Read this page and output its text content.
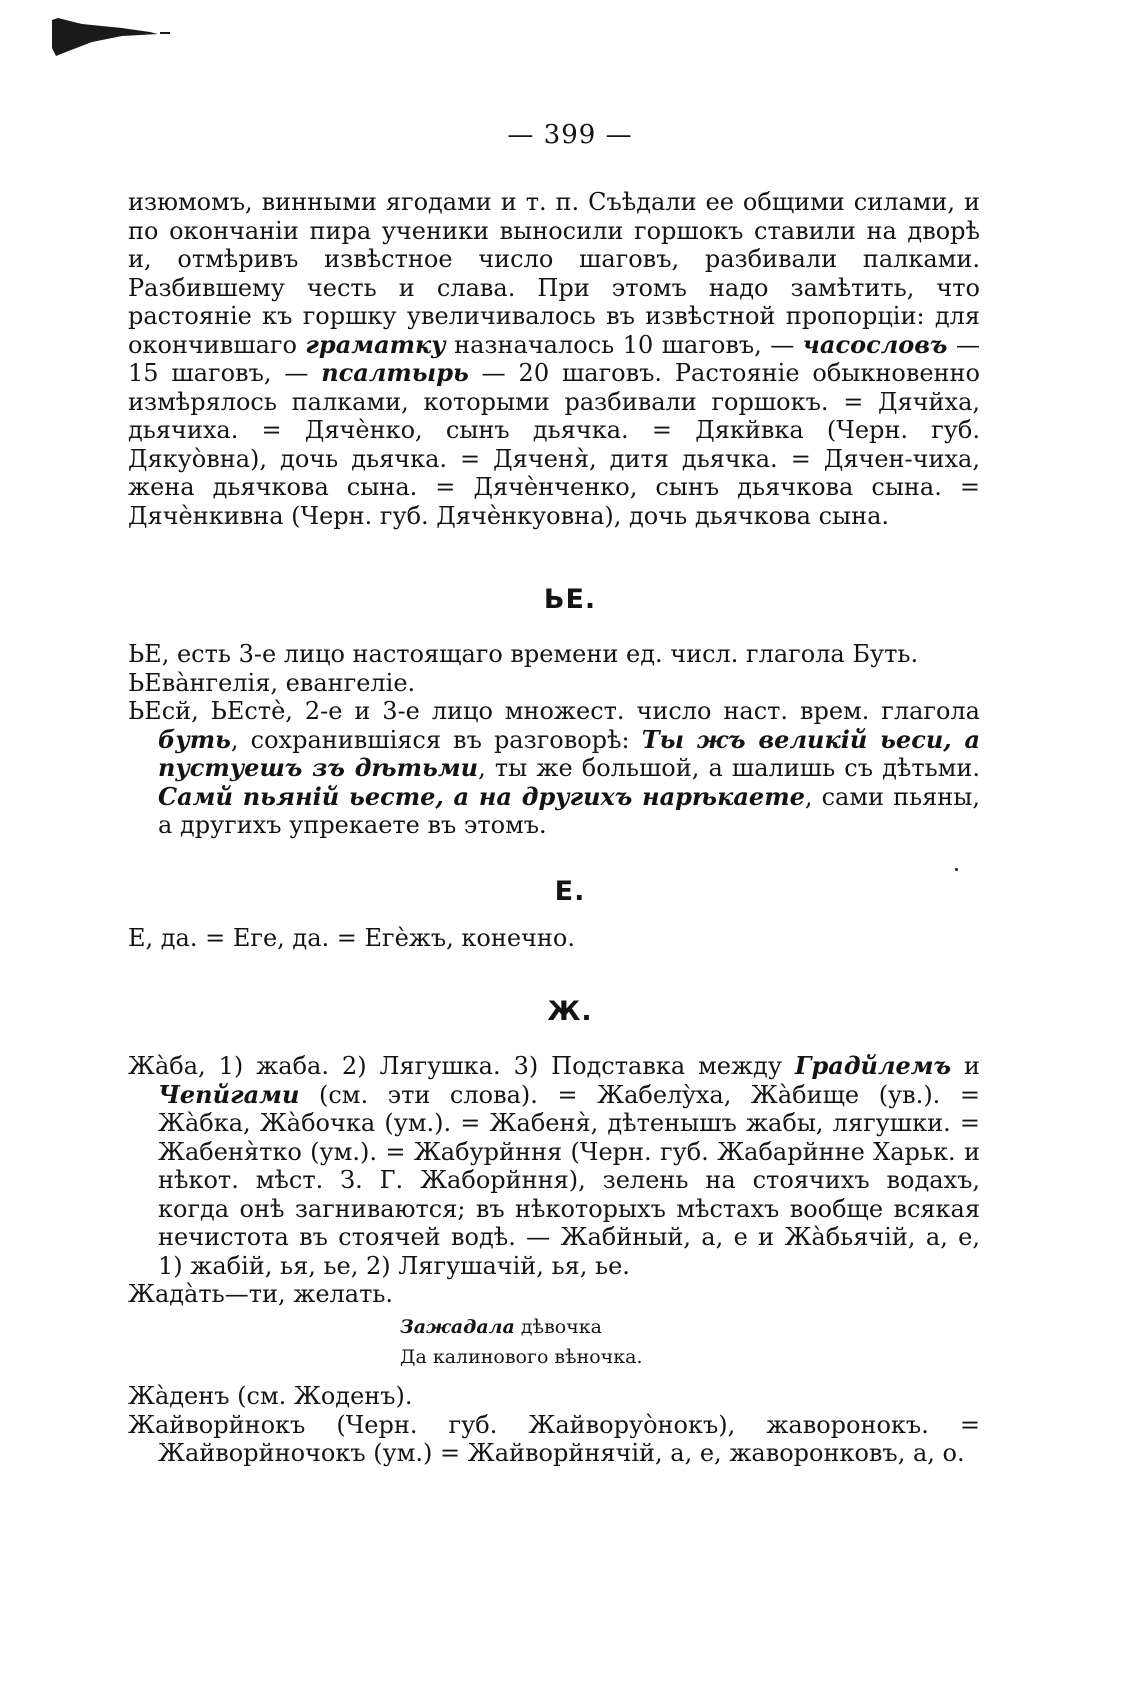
— 399 —

изюмомъ, винными ягодами и т. п. Съѣдали ее общими силами, и по окончаніи пира ученики выносили горшокъ ставили на дворѣ и, отмѣривъ извѣстное число шаговъ, разбивали палками. Разбившему честь и слава. При этомъ надо замѣтить, что растояніе къ горшку увеличивалось въ извѣстной пропорціи: для окончившаго граматку назначалось 10 шаговъ, — часословъ — 15 шаговъ, — псалтырь — 20 шаговъ. Растояніе обыкновенно измѣрялось палками, которыми разбивали горшокъ. = Дячйха, дьячиха. = Дячѐнко, сынъ дьячка. = Дякйвка (Черн. губ. Дякуòвна), дочь дьячка. = Дяченя̀, дитя дьячка. = Дячен-чиха, жена дьячкова сына. = Дячѐнченко, сынъ дьячкова сына. = Дячѐнкивна (Черн. губ. Дячѐнкуовна), дочь дьячкова сына.

ЬЕ.

ЬЕ, есть 3-е лицо настоящаго времени ед. числ. глагола Буть.

ЬЕвàнгелія, евангеліе.

ЬЕсй, ЬЕстѐ, 2-е и 3-е лицо множест. число наст. врем. глагола буть, сохранившіяся въ разговорѣ: Ты жъ великій ьеси, а пустуешъ зъ дѣтьми, ты же большой, а шалишь съ дѣтьми. Самй пьяній ьесте, а на другихъ нарѣкаете, сами пьяны, а другихъ упрекаете въ этомъ.

Е.

Е, да. = Еге, да. = Егѐжъ, конечно.

Ж.

Жàба, 1) жаба. 2) Лягушка. 3) Подставка между Градйлемъ и Чепйгами (см. эти слова). = Жабелỳха, Жàбище (ув.). = Жàбка, Жàбочка (ум.). = Жабеня̀, дѣтенышъ жабы, лягушки. = Жабеня̀тко (ум.). = Жабурйння (Черн. губ. Жабарйнне Харьк. и нѣкот. мѣст. З. Г. Жаборйння), зелень на стоячихъ водахъ, когда онѣ загниваются; въ нѣкоторыхъ мѣстахъ вообще всякая нечистота въ стоячей водѣ. — Жабйный, а, е и Жàбьячій, а, е, 1) жабій, ья, ье, 2) Лягушачій, ья, ье.

Жадàть—ти, желать.

Зажадала дѣвочка

Да калинового вѣночка.

Жàденъ (см. Жоденъ).

Жайворйнокъ (Черн. губ. Жайворуòнокъ), жаворонокъ. = Жайворйночокъ (ум.) = Жайворйнячій, а, е, жаворонковъ, а, о.
